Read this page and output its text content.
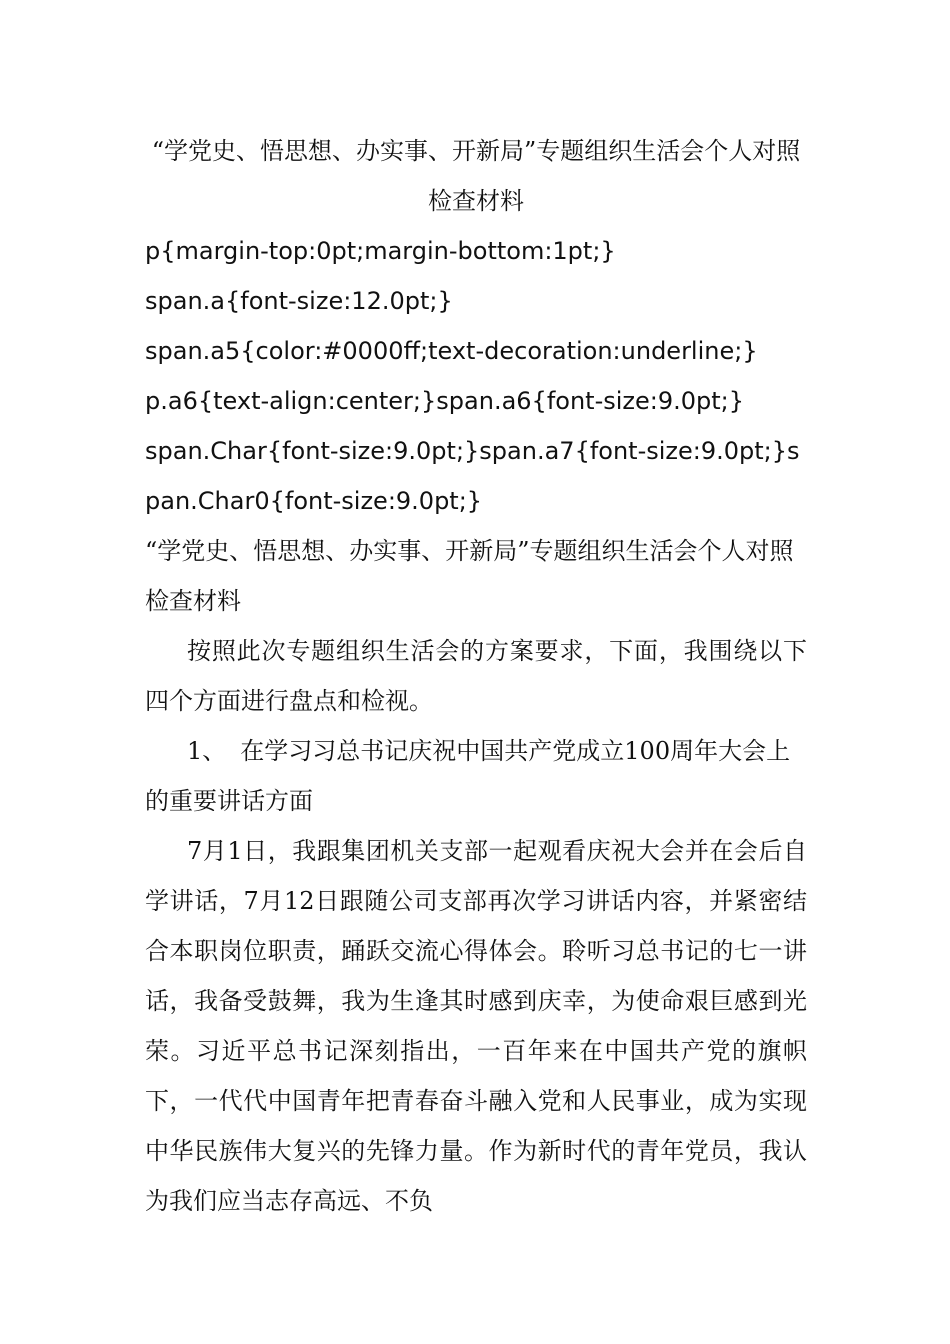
“学党史、悟思想、办实事、开新局”专题组织生活会个人对照检查材料

p{margin-top:0pt;margin-bottom:1pt;}

span.a{font-size:12.0pt;}

span.a5{color:#0000ff;text-decoration:underline;}

p.a6{text-align:center;}span.a6{font-size:9.0pt;}

span.Char{font-size:9.0pt;}span.a7{font-size:9.0pt;}span.Char0{font-size:9.0pt;}

“学党史、悟思想、办实事、开新局”专题组织生活会个人对照检查材料

按照此次专题组织生活会的方案要求，下面，我围绕以下四个方面进行盘点和检视。

1、 在学习习总书记庆祝中国共产党成立100周年大会上的重要讲话方面

7月1日，我跟集团机关支部一起观看庆祝大会并在会后自学讲话，7月12日跟随公司支部再次学习讲话内容，并紧密结合本职岗位职责，踊跃交流心得体会。聆听习总书记的七一讲话，我备受鼓舞，我为生逢其时感到庆幸，为使命艰巨感到光荣。习近平总书记深刻指出，一百年来在中国共产党的旗帜下，一代代中国青年把青春奋斗融入党和人民事业，成为实现中华民族伟大复兴的先锋力量。作为新时代的青年党员，我认为我们应当志存高远、不负
